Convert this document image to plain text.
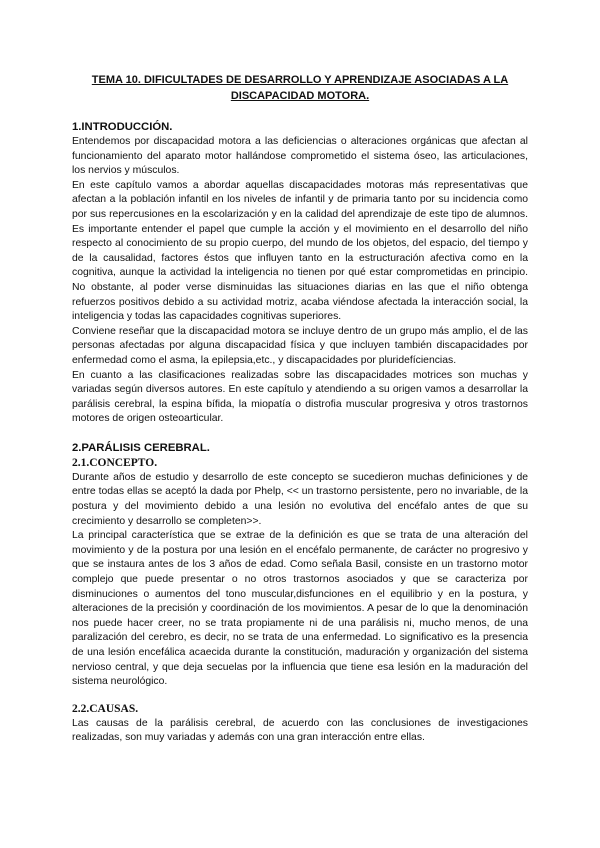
TEMA 10. DIFICULTADES DE DESARROLLO Y APRENDIZAJE ASOCIADAS A LA
DISCAPACIDAD MOTORA.
1.INTRODUCCIÓN.

Entendemos por discapacidad motora a las deficiencias o alteraciones orgánicas que afectan al funcionamiento del aparato motor hallándose comprometido el sistema óseo, las articulaciones, los nervios y músculos.

En este capítulo vamos a abordar aquellas discapacidades motoras más representativas que afectan a la población infantil en los niveles de infantil y de primaria tanto por su incidencia como por sus repercusiones en la escolarización y en la calidad del aprendizaje de este tipo de alumnos. Es importante entender el papel que cumple la acción y el movimiento en el desarrollo del niño respecto al conocimiento de su propio cuerpo, del mundo de los objetos, del espacio, del tiempo y de la causalidad, factores éstos que influyen tanto en la estructuración afectiva como en la cognitiva, aunque la actividad la inteligencia no tienen por qué estar comprometidas en principio. No obstante, al poder verse disminuidas las situaciones diarias en las que el niño obtenga refuerzos positivos debido a su actividad motriz, acaba viéndose afectada la interacción social, la inteligencia y todas las capacidades cognitivas superiores.

Conviene reseñar que la discapacidad motora se incluye dentro de un grupo más amplio, el de las personas afectadas por alguna discapacidad física y que incluyen también discapacidades por enfermedad como el asma, la epilepsia,etc., y discapacidades por pluridefíciencias.

En cuanto a las clasificaciones realizadas sobre las discapacidades motrices son muchas y variadas según diversos autores. En este capítulo y atendiendo a su origen vamos a desarrollar la parálisis cerebral, la espina bífida, la miopatía o distrofia muscular progresiva y otros trastornos motores de origen osteoarticular.

2.PARÁLISIS CEREBRAL.
2.1.CONCEPTO.

Durante años de estudio y desarrollo de este concepto se sucedieron muchas definiciones y de entre todas ellas se aceptó la dada por Phelp, << un trastorno persistente, pero no invariable, de la postura y del movimiento debido a una lesión no evolutiva del encéfalo antes de que su crecimiento y desarrollo se completen>>.

La principal característica que se extrae de la definición es que se trata de una alteración del movimiento y de la postura por una lesión en el encéfalo permanente, de carácter no progresivo y que se instaura antes de los 3 años de edad. Como señala Basil, consiste en un trastorno motor complejo que puede presentar o no otros trastornos asociados y que se caracteriza por disminuciones o aumentos del tono muscular,disfunciones en el equilibrio y en la postura, y alteraciones de la precisión y coordinación de los movimientos. A pesar de lo que la denominación nos puede hacer creer, no se trata propiamente ni de una parálisis ni, mucho menos, de una paralización del cerebro, es decir, no se trata de una enfermedad. Lo significativo es la presencia de una lesión encefálica acaecida durante la constitución, maduración y organización del sistema nervioso central, y que deja secuelas por la influencia que tiene esa lesión en la maduración del sistema neurológico.

2.2.CAUSAS.

Las causas de la parálisis cerebral, de acuerdo con las conclusiones de investigaciones realizadas, son muy variadas y además con una gran interacción entre ellas.
